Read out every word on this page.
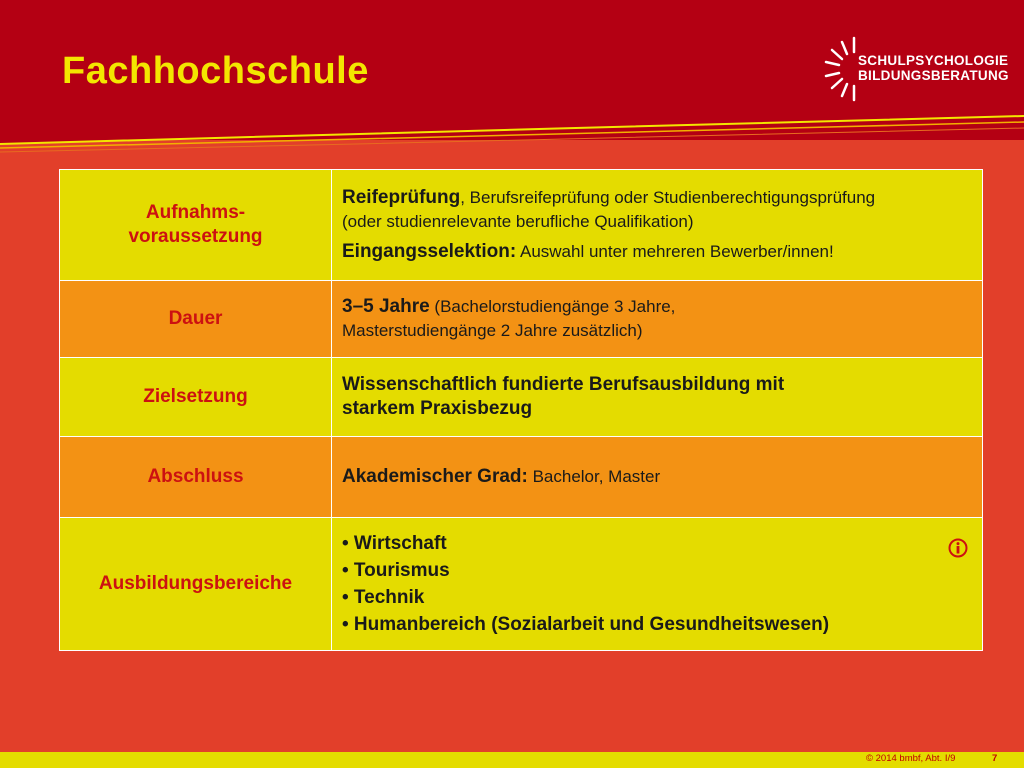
Fachhochschule	SCHULPSYCHOLOGIE
BILDUNGSBERATUNG
Aufnahms-
voraussetzung	Reifeprüfung, Berufsreifeprüfung oder Studienberechtigungsprüfung
(oder studienrelevante berufliche Qualifikation)
Eingangsselektion: Auswahl unter mehreren Bewerber/innen!

Dauer	3–5 Jahre (Bachelorstudiengänge 3 Jahre,
Masterstudiengänge 2 Jahre zusätzlich)

Zielsetzung	Wissenschaftlich fundierte Berufsausbildung mit
starkem Praxisbezug

Abschluss	Akademischer Grad: Bachelor, Master

Ausbildungsbereiche	• Wirtschaft
• Tourismus
• Technik
• Humanbereich (Sozialarbeit und Gesundheitswesen)
© 2014 bmbf, Abt. I/9	7
